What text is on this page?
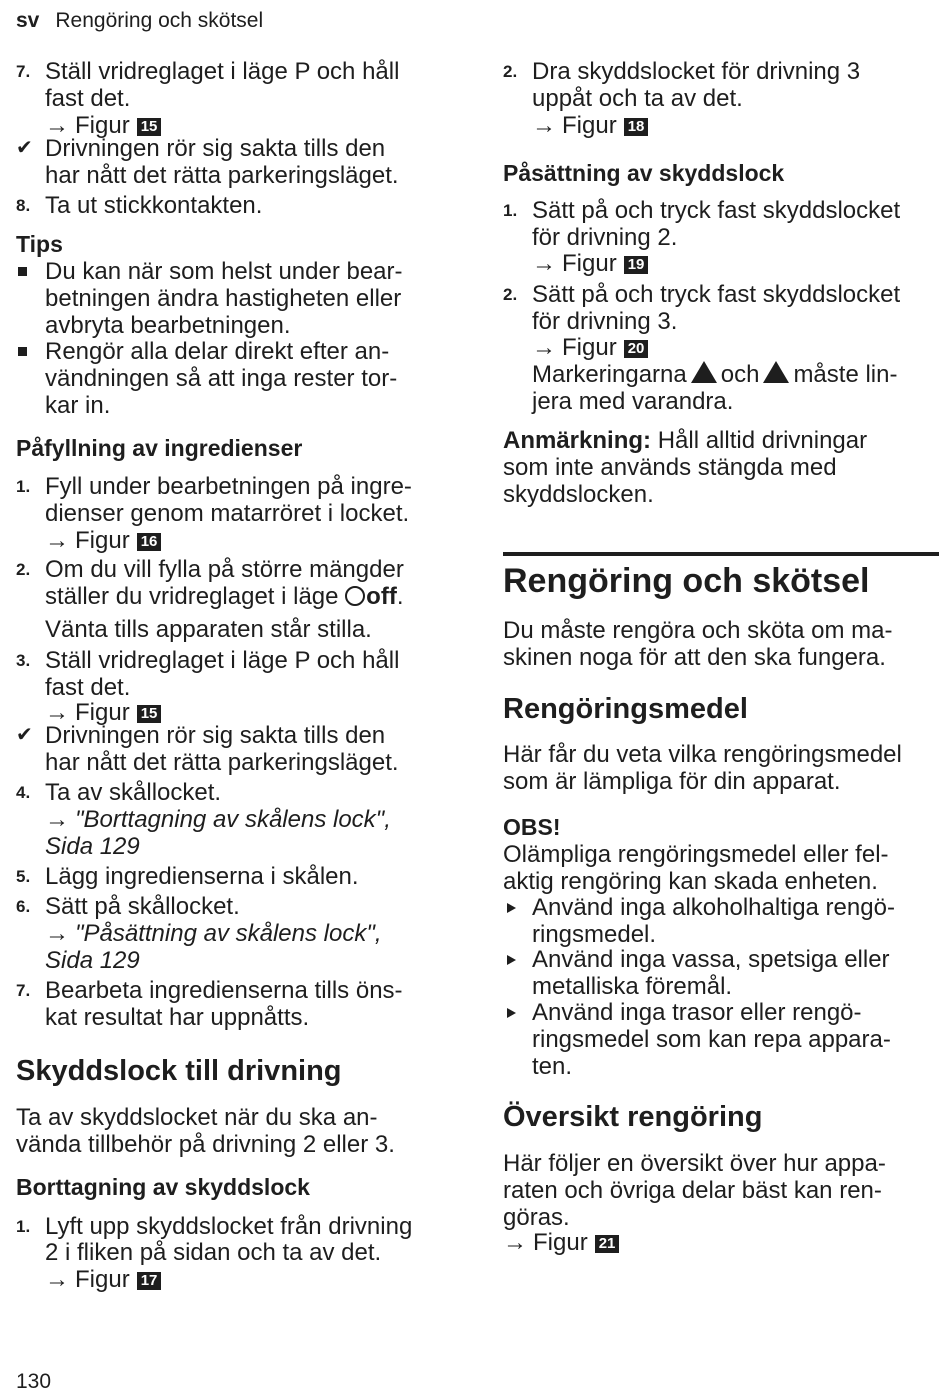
sv Rengöring och skötsel
7. Ställ vridreglaget i läge P och håll
fast det.
→ Figur 15
✔ Drivningen rör sig sakta tills den
har nått det rätta parkeringsläget.
8. Ta ut stickkontakten.
Tips
Du kan när som helst under bear-
betningen ändra hastigheten eller
avbryta bearbetningen.
Rengör alla delar direkt efter an-
vändningen så att inga rester tor-
kar in.
Påfyllning av ingredienser
1. Fyll under bearbetningen på ingre-
dienser genom matarröret i locket.
→ Figur 16
2. Om du vill fylla på större mängder
ställer du vridreglaget i läge off.
Vänta tills apparaten står stilla.
3. Ställ vridreglaget i läge P och håll
fast det.
→ Figur 15
✔ Drivningen rör sig sakta tills den
har nått det rätta parkeringsläget.
4. Ta av skållocket.
→ "Borttagning av skålens lock",
Sida 129
5. Lägg ingredienserna i skålen.
6. Sätt på skållocket.
→ "Påsättning av skålens lock",
Sida 129
7. Bearbeta ingredienserna tills öns-
kat resultat har uppnåtts.
Skyddslock till drivning
Ta av skyddslocket när du ska an-
vända tillbehör på drivning 2 eller 3.
Borttagning av skyddslock
1. Lyft upp skyddslocket från drivning
2 i fliken på sidan och ta av det.
→ Figur 17
2. Dra skyddslocket för drivning 3
uppåt och ta av det.
→ Figur 18
Påsättning av skyddslock
1. Sätt på och tryck fast skyddslocket
för drivning 2.
→ Figur 19
2. Sätt på och tryck fast skyddslocket
för drivning 3.
→ Figur 20
Markeringarna och måste lin-
jera med varandra.
Anmärkning: Håll alltid drivningar
som inte används stängda med
skyddslocken.
Rengöring och skötsel
Du måste rengöra och sköta om ma-
skinen noga för att den ska fungera.
Rengöringsmedel
Här får du veta vilka rengöringsmedel
som är lämpliga för din apparat.
OBS!
Olämpliga rengöringsmedel eller fel-
aktig rengöring kan skada enheten.
Använd inga alkoholhaltiga rengö-
ringsmedel.
Använd inga vassa, spetsiga eller
metalliska föremål.
Använd inga trasor eller rengö-
ringsmedel som kan repa appara-
ten.
Översikt rengöring
Här följer en översikt över hur appa-
raten och övriga delar bäst kan ren-
göras.
→ Figur 21
130
